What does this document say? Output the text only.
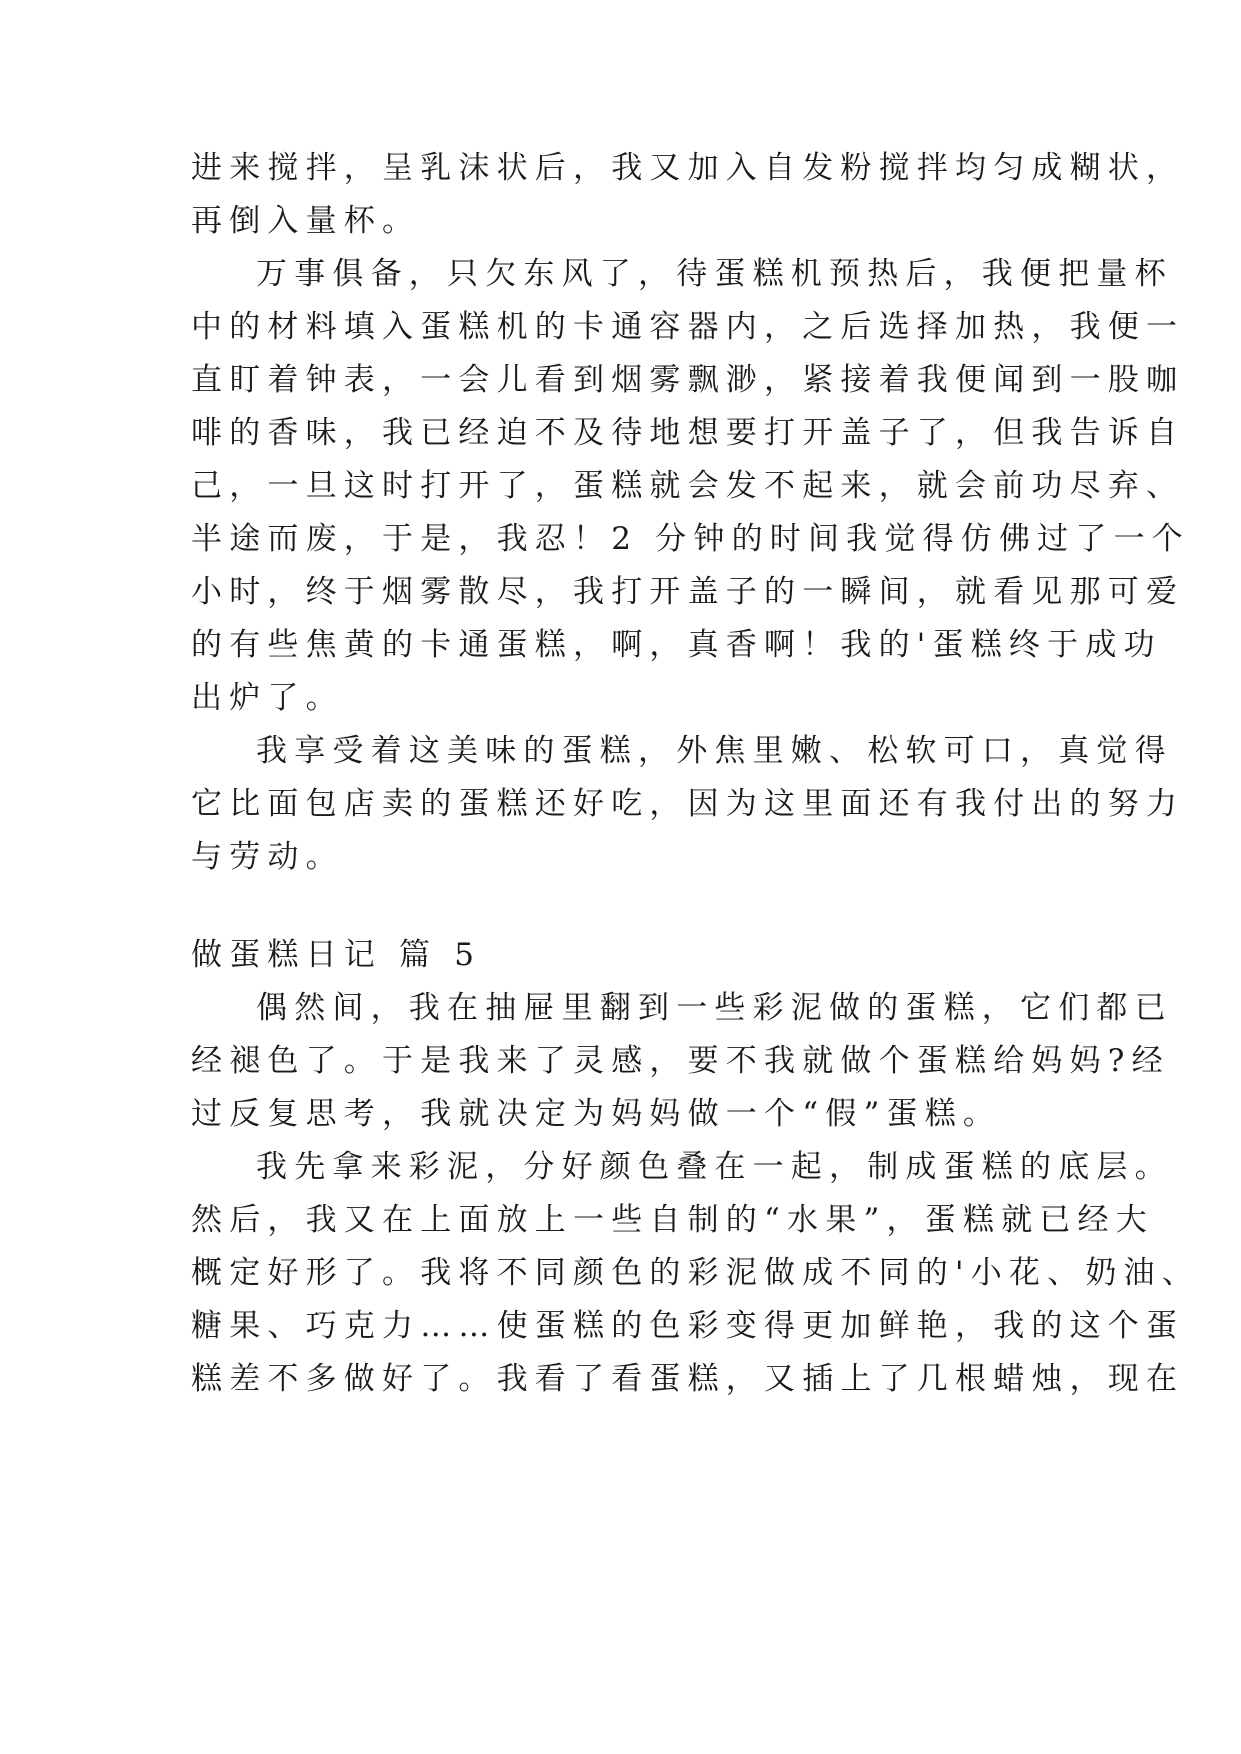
进来搅拌，呈乳沫状后，我又加入自发粉搅拌均匀成糊状，
再倒入量杯。
万事俱备，只欠东风了，待蛋糕机预热后，我便把量杯
中的材料填入蛋糕机的卡通容器内，之后选择加热，我便一
直盯着钟表，一会儿看到烟雾飘渺，紧接着我便闻到一股咖
啡的香味，我已经迫不及待地想要打开盖子了，但我告诉自
己，一旦这时打开了，蛋糕就会发不起来，就会前功尽弃、
半途而废，于是，我忍！2 分钟的时间我觉得仿佛过了一个
小时，终于烟雾散尽，我打开盖子的一瞬间，就看见那可爱
的有些焦黄的卡通蛋糕，啊，真香啊！我的'蛋糕终于成功
出炉了。
我享受着这美味的蛋糕，外焦里嫩、松软可口，真觉得
它比面包店卖的蛋糕还好吃，因为这里面还有我付出的努力
与劳动。
做蛋糕日记 篇 5
偶然间，我在抽屉里翻到一些彩泥做的蛋糕，它们都已
经褪色了。于是我来了灵感，要不我就做个蛋糕给妈妈?经
过反复思考，我就决定为妈妈做一个“假”蛋糕。
我先拿来彩泥，分好颜色叠在一起，制成蛋糕的底层。
然后，我又在上面放上一些自制的“水果”，蛋糕就已经大
概定好形了。我将不同颜色的彩泥做成不同的'小花、奶油、
糖果、巧克力……使蛋糕的色彩变得更加鲜艳，我的这个蛋
糕差不多做好了。我看了看蛋糕，又插上了几根蜡烛，现在
